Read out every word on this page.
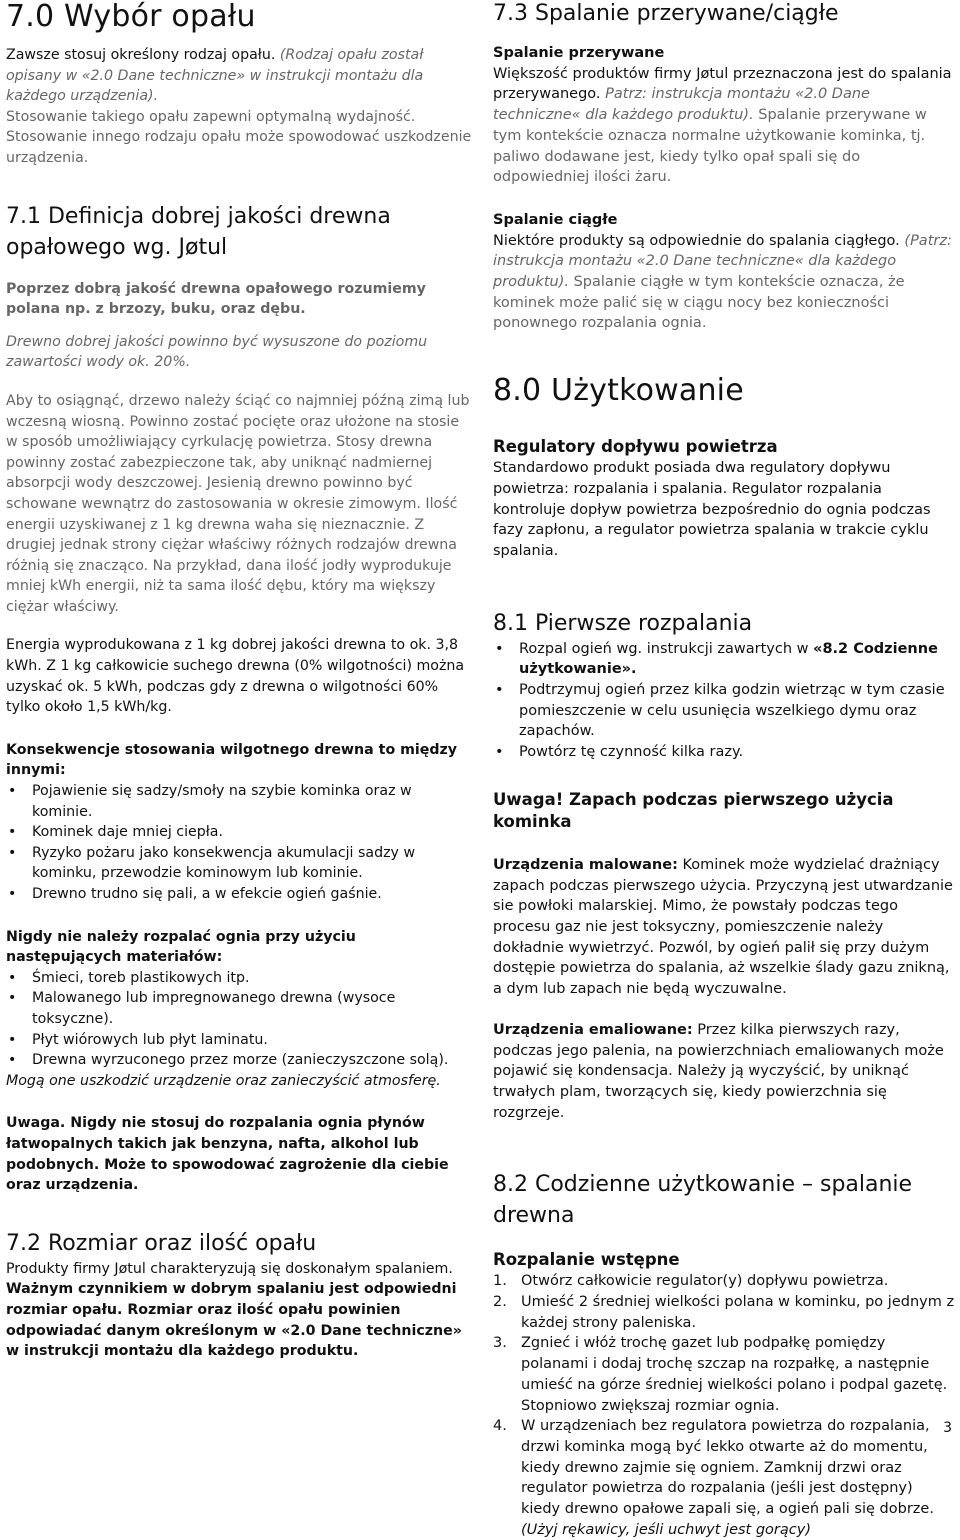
7.0 Wybór opału

Zawsze stosuj określony rodzaj opału. (Rodzaj opału został opisany w «2.0 Dane techniczne» w instrukcji montażu dla każdego urządzenia).

Stosowanie takiego opału zapewni optymalną wydajność. Stosowanie innego rodzaju opału może spowodować uszkodzenie urządzenia.

7.1 Definicja dobrej jakości drewna opałowego wg. Jøtul

Poprzez dobrą jakość drewna opałowego rozumiemy polana np. z brzozy, buku, oraz dębu.

Drewno dobrej jakości powinno być wysuszone do poziomu zawartości wody ok. 20%.

Aby to osiągnąć, drzewo należy ściąć co najmniej późną zimą lub wczesną wiosną. Powinno zostać pocięte oraz ułożone na stosie w sposób umożliwiający cyrkulację powietrza. Stosy drewna powinny zostać zabezpieczone tak, aby uniknąć nadmiernej absorpcji wody deszczowej. Jesienią drewno powinno być schowane wewnątrz do zastosowania w okresie zimowym. Ilość energii uzyskiwanej z 1 kg drewna waha się nieznacznie. Z drugiej jednak strony ciężar właściwy różnych rodzajów drewna różnią się znacząco. Na przykład, dana ilość jodły wyprodukuje mniej kWh energii, niż ta sama ilość dębu, który ma większy ciężar właściwy.

Energia wyprodukowana z 1 kg dobrej jakości drewna to ok. 3,8 kWh. Z 1 kg całkowicie suchego drewna (0% wilgotności) można uzyskać ok. 5 kWh, podczas gdy z drewna o wilgotności 60% tylko około 1,5 kWh/kg.

Konsekwencje stosowania wilgotnego drewna to między innymi:

• Pojawienie się sadzy/smoły na szybie kominka oraz w kominie.
• Kominek daje mniej ciepła.
• Ryzyko pożaru jako konsekwencja akumulacji sadzy w kominku, przewodzie kominowym lub kominie.
• Drewno trudno się pali, a w efekcie ogień gaśnie.

Nigdy nie należy rozpalać ognia przy użyciu następujących materiałów:

• Śmieci, toreb plastikowych itp.
• Malowanego lub impregnowanego drewna (wysoce toksyczne).
• Płyt wiórowych lub płyt laminatu.
• Drewna wyrzuconego przez morze (zanieczyszczone solą).

Mogą one uszkodzić urządzenie oraz zanieczyścić atmosferę.

Uwaga. Nigdy nie stosuj do rozpalania ognia płynów łatwopalnych takich jak benzyna, nafta, alkohol lub podobnych. Może to spowodować zagrożenie dla ciebie oraz urządzenia.

7.2 Rozmiar oraz ilość opału

Produkty firmy Jøtul charakteryzują się doskonałym spalaniem.

Ważnym czynnikiem w dobrym spalaniu jest odpowiedni rozmiar opału. Rozmiar oraz ilość opału powinien odpowiadać danym określonym w «2.0 Dane techniczne» w instrukcji montażu dla każdego produktu.

7.3 Spalanie przerywane/ciągłe

Spalanie przerywane

Większość produktów firmy Jøtul przeznaczona jest do spalania przerywanego. Patrz: instrukcja montażu «2.0 Dane techniczne« dla każdego produktu). Spalanie przerywane w tym kontekście oznacza normalne użytkowanie kominka, tj. paliwo dodawane jest, kiedy tylko opał spali się do odpowiedniej ilości żaru.

Spalanie ciągłe

Niektóre produkty są odpowiednie do spalania ciągłego. (Patrz: instrukcja montażu «2.0 Dane techniczne« dla każdego produktu). Spalanie ciągłe w tym kontekście oznacza, że kominek może palić się w ciągu nocy bez konieczności ponownego rozpalania ognia.

8.0 Użytkowanie

Regulatory dopływu powietrza

Standardowo produkt posiada dwa regulatory dopływu powietrza: rozpalania i spalania. Regulator rozpalania kontroluje dopływ powietrza bezpośrednio do ognia podczas fazy zapłonu, a regulator powietrza spalania w trakcie cyklu spalania.

8.1 Pierwsze rozpalania
• Rozpal ogień wg. instrukcji zawartych w «8.2 Codzienne użytkowanie».
• Podtrzymuj ogień przez kilka godzin wietrząc w tym czasie pomieszczenie w celu usunięcia wszelkiego dymu oraz zapachów.
• Powtórz tę czynność kilka razy.

Uwaga! Zapach podczas pierwszego użycia kominka

Urządzenia malowane: Kominek może wydzielać drażniący zapach podczas pierwszego użycia. Przyczyną jest utwardzanie sie powłoki malarskiej. Mimo, że powstały podczas tego procesu gaz nie jest toksyczny, pomieszczenie należy dokładnie wywietrzyć. Pozwól, by ogień palił się przy dużym dostępie powietrza do spalania, aż wszelkie ślady gazu znikną, a dym lub zapach nie będą wyczuwalne.

Urządzenia emaliowane: Przez kilka pierwszych razy, podczas jego palenia, na powierzchniach emaliowanych może pojawić się kondensacja. Należy ją wyczyścić, by uniknąć trwałych plam, tworzących się, kiedy powierzchnia się rozgrzeje.

8.2 Codzienne użytkowanie – spalanie drewna

Rozpalanie wstępne

1. Otwórz całkowicie regulator(y) dopływu powietrza.
2. Umieść 2 średniej wielkości polana w kominku, po jednym z każdej strony paleniska.
3. Zgnieć i włóż trochę gazet lub podpałkę pomiędzy polanami i dodaj trochę szczap na rozpałkę, a następnie umieść na górze średniej wielkości polano i podpal gazetę. Stopniowo zwiększaj rozmiar ognia.
4. W urządzeniach bez regulatora powietrza do rozpalania, drzwi kominka mogą być lekko otwarte aż do momentu, kiedy drewno zajmie się ogniem. Zamknij drzwi oraz regulator powietrza do rozpalania (jeśli jest dostępny) kiedy drewno opałowe zapali się, a ogień pali się dobrze. (Użyj rękawicy, jeśli uchwyt jest gorący)
3
